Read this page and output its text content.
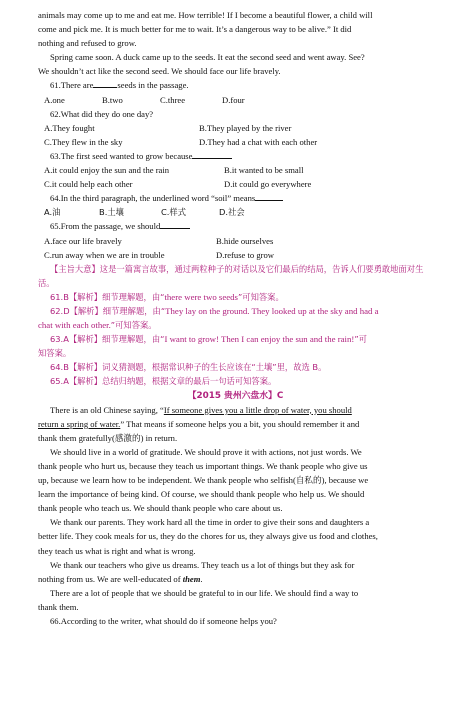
animals may come up to me and eat me. How terrible! If I become a beautiful flower, a child will

come and pick me. It is much better for me to wait. It’s a dangerous way to be alive.” It did

nothing and refused to grow.

Spring came soon. A duck came up to the seeds. It eat the second seed and went away. See?

We shouldn’t act like the second seed. We should face our life bravely.

61.There are	seeds in the passage.

A.one	B.two	C.three	D.four

62.What did they do one day?

A.They fought	B.They played by the river
C.They flew in the sky	D.They had a chat with each other

63.The first seed wanted to grow because

A.it could enjoy the sun and the rain	B.it wanted to be small
C.it could help each other	D.it could go everywhere

64.In the third paragraph, the underlined word “soil” means

A.油	B.土壤	C.样式	D.社会

65.From the passage, we should

A.face our life bravely	B.hide ourselves
C.run away when we are in trouble	D.refuse to grow

【主旨大意】这是一篇寓言故事，通过两粒种子的对话以及它们最后的结局，告诉人们要勇敢地面对生活。

61.B【解析】细节理解题，由“there were two seeds”可知答案。

62.D【解析】细节理解题，由“They lay on the ground. They looked up at the sky and had a

chat with each other.”可知答案。

63.A【解析】细节理解题，由“I want to grow! Then I can enjoy the sun and the rain!”可

知答案。

64.B【解析】词义猜测题，根据常识种子的生长应该在“土壤”里，故选 B。

65.A【解析】总结归纳题，根据文章的最后一句话可知答案。

【2015 贵州六盘水】C

There is an old Chinese saying, “If someone gives you a little drop of water, you should

return a spring of water.” That means if someone helps you a bit, you should remember it and

thank them gratefully(感激的) in return.

We should live in a world of gratitude. We should prove it with actions, not just words. We

thank people who hurt us, because they teach us important things. We thank people who give us

up, because we learn how to be independent. We thank people who selfish(自私的), because we

learn the importance of being kind. Of course, we should thank people who help us. We should

thank people who teach us. We should thank people who care about us.

We thank our parents. They work hard all the time in order to give their sons and daughters a

better life. They cook meals for us, they do the chores for us, they always give us food and clothes,

they teach us what is right and what is wrong.

We thank our teachers who give us dreams. They teach us a lot of things but they ask for

nothing from us. We are well-educated of them.

There are a lot of people that we should be grateful to in our life. We should find a way to

thank them.

66.According to the writer, what should do if someone helps you?
